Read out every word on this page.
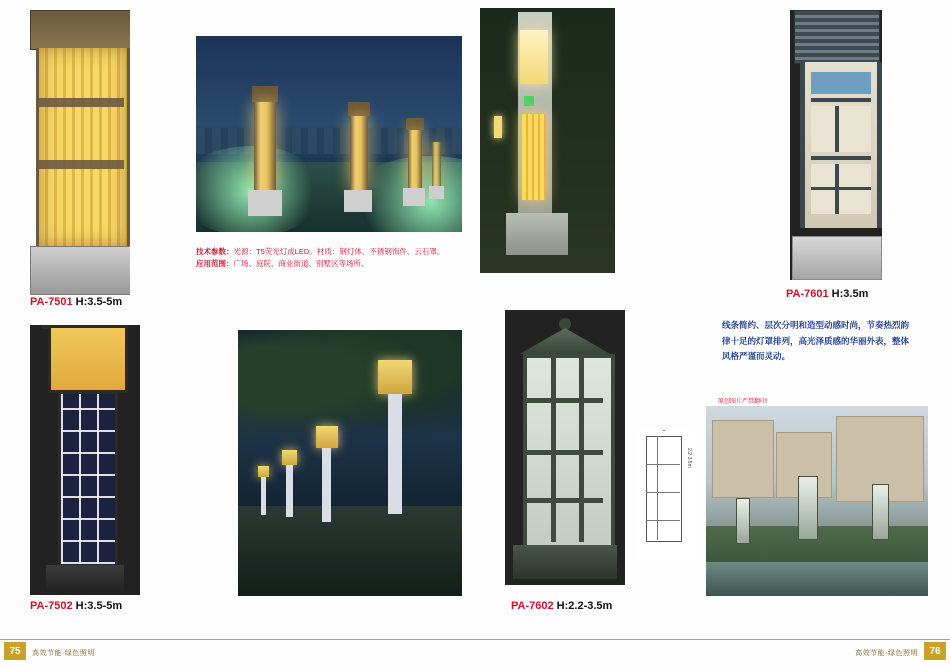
PA-7501 H:3.5-5m
技术参数：光源：T5荧光灯或LED。材质：钢灯体、不锈钢饰件、云石罩。
应用范围：广场、庭院、商业街道、别墅区等场所。
PA-7601 H:3.5m
线条简约、层次分明和造型动感时尚，节奏热烈韵律十足的灯罩排列，高光泽质感的华丽外表，整体风格严谨而灵动。
PA-7502 H:3.5-5m	PA-7602 H:2.2-3.5m
2.2-3.5m
原创图片严禁翻印!
75	高效节能·绿色照明	76
高效节能·绿色照明
